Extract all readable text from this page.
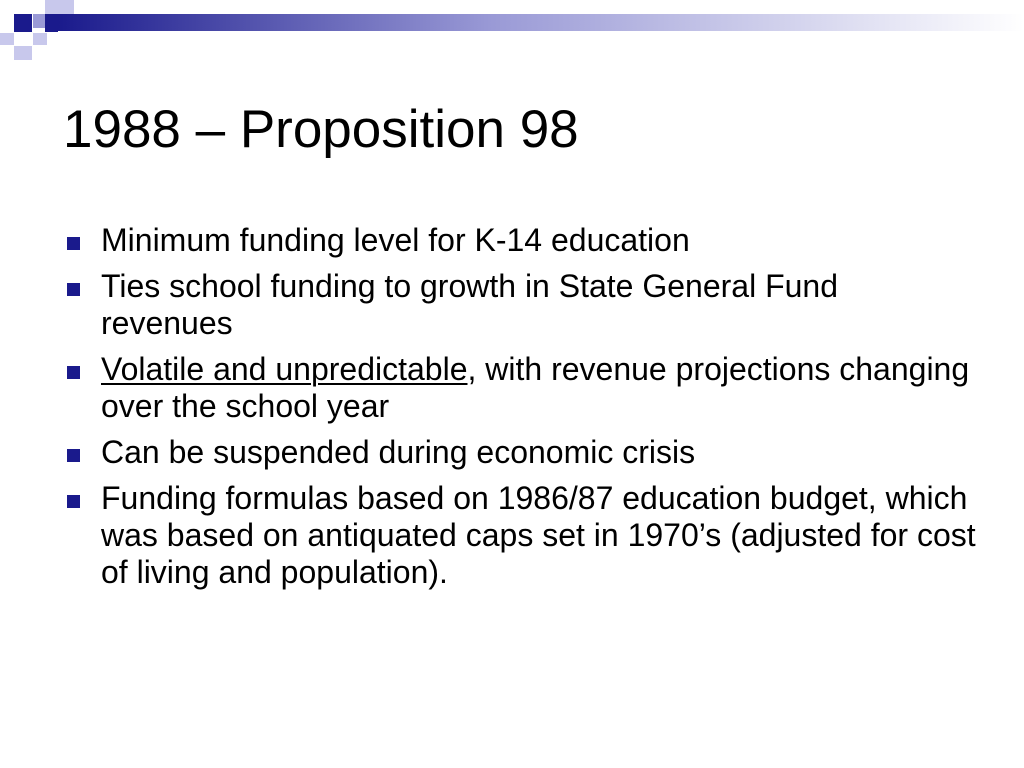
1988 – Proposition 98
Minimum funding level for K-14 education
Ties school funding to growth in State General Fund revenues
Volatile and unpredictable, with revenue projections changing over the school year
Can be suspended during economic crisis
Funding formulas based on 1986/87 education budget, which was based on antiquated caps set in 1970’s (adjusted for cost of living and population).
